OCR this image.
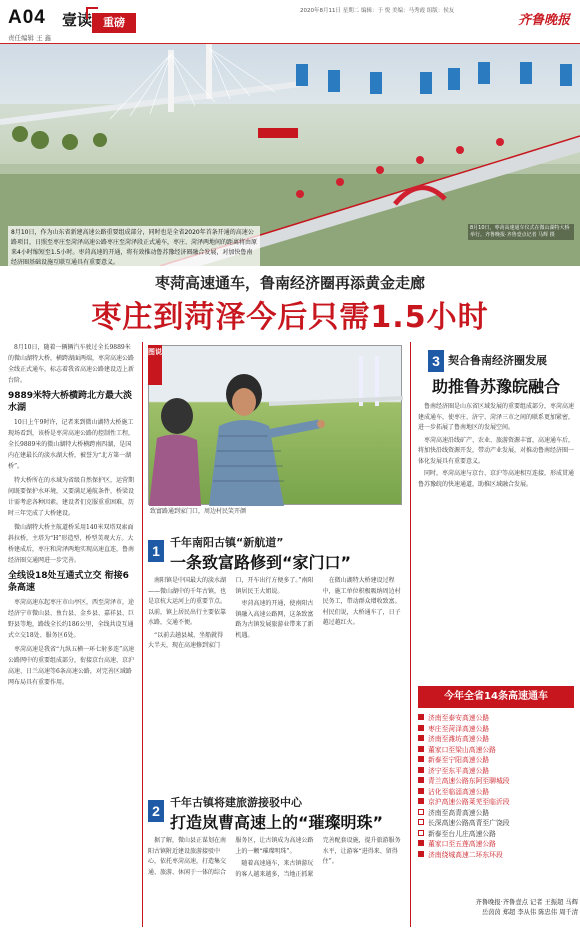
A04 壹读 重磅
责任编辑 王 鑫
2020年8月11日 星期二 编辑：于 悦 美编：马秀霞 组版：侯友
齐鲁晚报
8月10日，作为山东省新建高速公路重要组成部分，同时也是全省2020年首条开通的高速公路项目，日照至枣庄至菏泽高速公路枣庄至菏泽段正式通车，枣庄、菏泽两地间的距离将由原来4小时缩短至1.5小时。枣菏高速的开通，将有效推动鲁苏豫经济圈融合发展，对加快鲁南经济圈基础设施互联互通具有重要意义。
8月10日，枣菏高速通车仪式在微山湖特大桥举行。齐鲁晚报·齐鲁壹点记者 马辉 摄
枣菏高速通车，鲁南经济圈再添黄金走廊
枣庄到菏泽今后只需1.5小时

8月10日，随着一辆辆汽车驶过全长9889米的微山湖特大桥，横跨湖面两端，枣菏高速公路全线正式通车，标志着我省高速公路建设迈上新台阶。

9889米特大桥横跨北方最大淡水湖

10日上午9时许，记者来到微山湖特大桥施工现场看到，该桥是枣菏高速公路的控制性工程，全长9889米的微山湖特大桥横跨南四湖，是国内在建最长的淡水湖大桥，被誉为“北方第一湖桥”。

特大桥所在的水域为省级自然保护区，运营期间既要保护水环境，又要满足通航条件，桥梁设计需考虑各种因素。建设者们克服重重困难，历时三年完成了大桥建设。

微山湖特大桥主航道桥采用140米双塔双索面斜拉桥，主塔为“H”形造型，桥型美观大方。大桥建成后，枣庄和菏泽两地实现高速直连，鲁南经济圈交通网进一步完善。

全线设18处互通式立交 衔接6条高速

枣菏高速东起枣庄市山亭区，西至菏泽市，途经济宁市微山县、鱼台县、金乡县、嘉祥县、巨野县等地，路线全长约186公里，全线共设互通式立交18处、服务区6处。

枣菏高速是我省“九纵五横一环七射多连”高速公路网中的重要组成部分，衔接京台高速、京沪高速、日兰高速等6条高速公路，对完善区域路网布局具有重要作用。

图说
致富路通到家门口，周边村民笑开颜
1
千年南阳古镇“新航道”
一条致富路修到“家门口”

南阳镇是中国最大的淡水湖——微山湖中的千年古镇，也是京杭大运河上的重要节点。以前，镇上居民出行主要依靠水路，交通不便。

“以前去趟县城，坐船就得大半天，现在高速修到家门口，开车出行方便多了。”南阳镇居民王大姐说。

枣菏高速的开通，使南阳古镇融入高速公路网，这条致富路为古镇发展旅游业带来了新机遇。

在微山湖特大桥建设过程中，施工单位积极吸纳周边村民务工，带动群众增收致富。村民们说，大桥通车了，日子越过越红火。

2
千年古镇将建旅游接驳中心
打造岚曹高速上的“璀璨明珠”

据了解，微山县正谋划在南阳古镇附近建设旅游接驳中心，依托枣菏高速，打造集交通、旅游、休闲于一体的综合服务区，让古镇成为高速公路上的一颗“璀璨明珠”。

随着高速通车，来古镇游玩的客人越来越多，当地正抓紧完善配套设施，提升旅游服务水平，让游客“进得来、留得住”。

3 契合鲁南经济圈发展
助推鲁苏豫皖融合

鲁南经济圈是山东省区域发展的重要组成部分，枣菏高速建成通车，使枣庄、济宁、菏泽三市之间的联系更加紧密，进一步拓展了鲁南地区的发展空间。

枣菏高速沿线矿产、农业、旅游资源丰富，高速通车后，将加快沿线资源开发，带动产业发展，对推动鲁南经济圈一体化发展具有重要意义。

同时，枣菏高速与京台、京沪等高速相互连接，形成贯通鲁苏豫皖的快速通道，助推区域融合发展。

今年全省14条高速通车
济南至泰安高速公路
枣庄至菏泽高速公路
济南至潍坊高速公路
董家口至梁山高速公路
新泰至宁阳高速公路
济宁至东平高速公路
青兰高速公路东阿至聊城段
沾化至临淄高速公路
京沪高速公路莱芜至临沂段
济南至高青高速公路
长深高速公路高青至广饶段
新泰至台儿庄高速公路
董家口至五莲高速公路
济南绕城高速二环东环段
齐鲁晚报·齐鲁壹点 记者 王振超 马辉
岳茵茵 郑超 李从伟 陈忠伟 周千清
